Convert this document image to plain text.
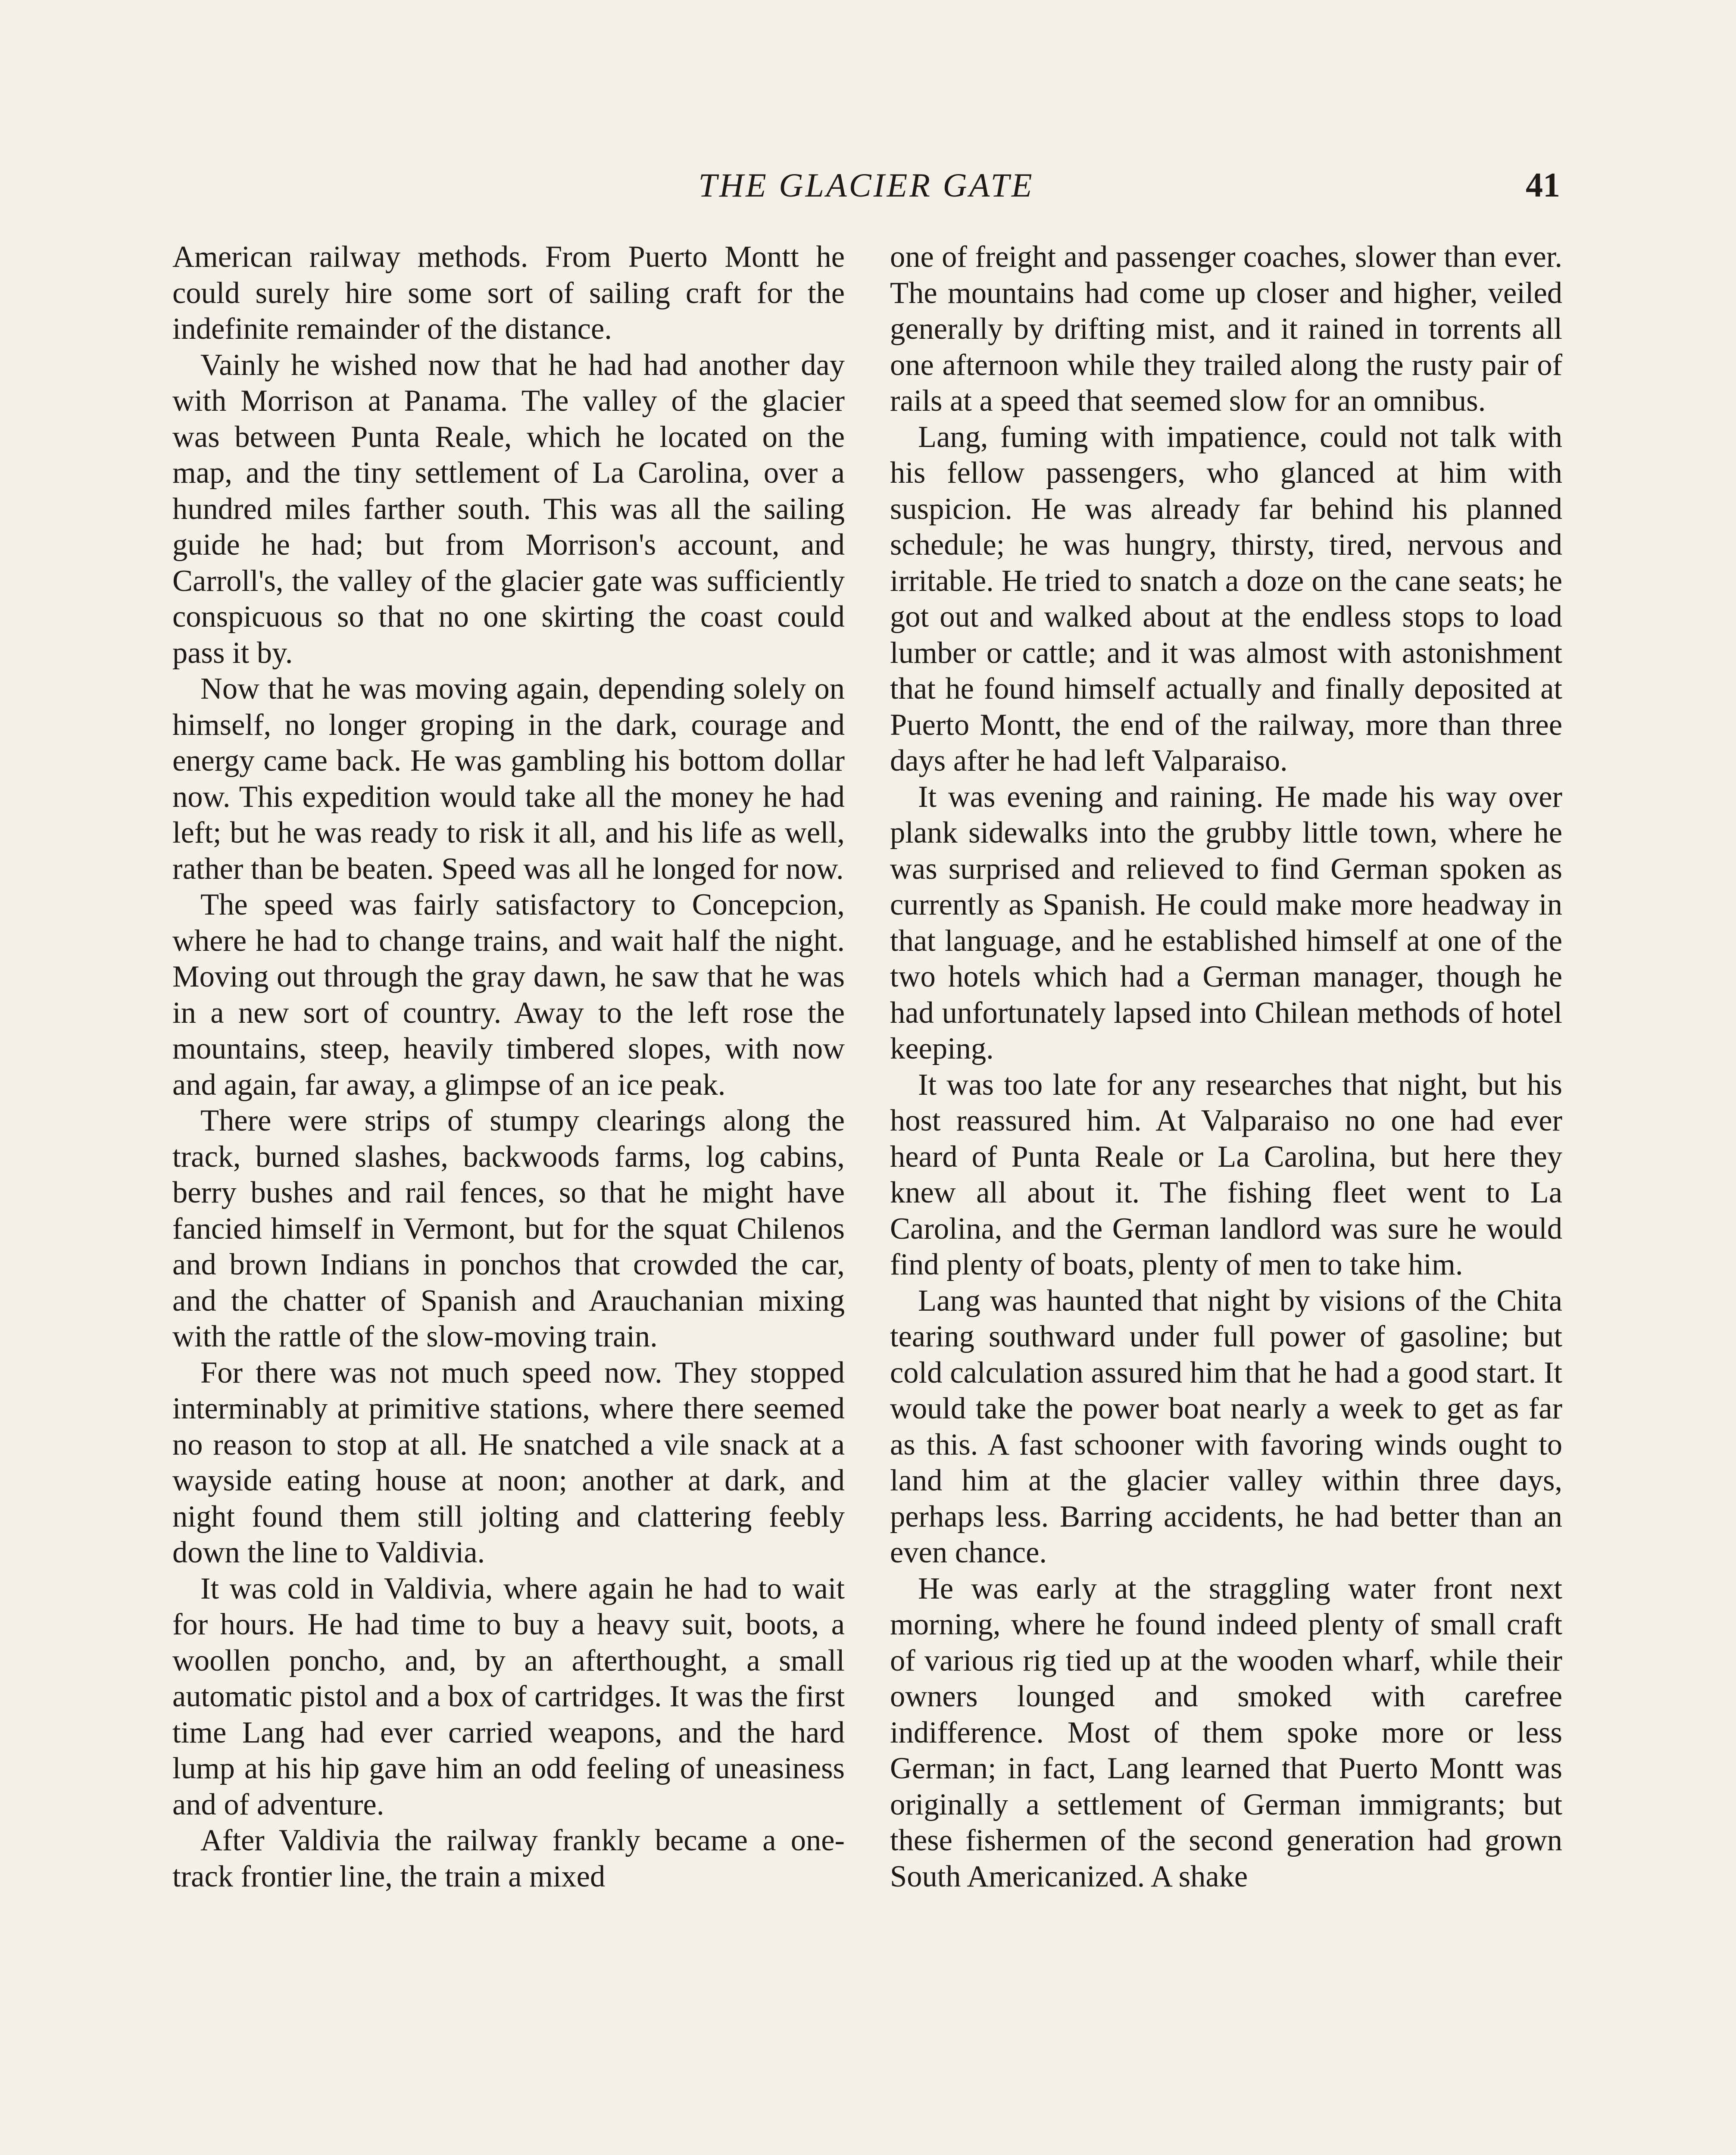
THE GLACIER GATE	41

American railway methods. From Puerto Montt he could surely hire some sort of sailing craft for the indefinite remainder of the distance.

Vainly he wished now that he had had another day with Morrison at Panama. The valley of the glacier was between Punta Reale, which he located on the map, and the tiny settlement of La Carolina, over a hundred miles farther south. This was all the sailing guide he had; but from Morrison's account, and Carroll's, the valley of the glacier gate was sufficiently conspicuous so that no one skirting the coast could pass it by.

Now that he was moving again, depending solely on himself, no longer groping in the dark, courage and energy came back. He was gambling his bottom dollar now. This expedition would take all the money he had left; but he was ready to risk it all, and his life as well, rather than be beaten. Speed was all he longed for now.

The speed was fairly satisfactory to Concepcion, where he had to change trains, and wait half the night. Moving out through the gray dawn, he saw that he was in a new sort of country. Away to the left rose the mountains, steep, heavily timbered slopes, with now and again, far away, a glimpse of an ice peak.

There were strips of stumpy clearings along the track, burned slashes, backwoods farms, log cabins, berry bushes and rail fences, so that he might have fancied himself in Vermont, but for the squat Chilenos and brown Indians in ponchos that crowded the car, and the chatter of Spanish and Arauchanian mixing with the rattle of the slow-moving train.

For there was not much speed now. They stopped interminably at primitive stations, where there seemed no reason to stop at all. He snatched a vile snack at a wayside eating house at noon; another at dark, and night found them still jolting and clattering feebly down the line to Valdivia.

It was cold in Valdivia, where again he had to wait for hours. He had time to buy a heavy suit, boots, a woollen poncho, and, by an afterthought, a small automatic pistol and a box of cartridges. It was the first time Lang had ever carried weapons, and the hard lump at his hip gave him an odd feeling of uneasiness and of adventure.

After Valdivia the railway frankly became a one-track frontier line, the train a mixed

one of freight and passenger coaches, slower than ever. The mountains had come up closer and higher, veiled generally by drifting mist, and it rained in torrents all one afternoon while they trailed along the rusty pair of rails at a speed that seemed slow for an omnibus.

Lang, fuming with impatience, could not talk with his fellow passengers, who glanced at him with suspicion. He was already far behind his planned schedule; he was hungry, thirsty, tired, nervous and irritable. He tried to snatch a doze on the cane seats; he got out and walked about at the endless stops to load lumber or cattle; and it was almost with astonishment that he found himself actually and finally deposited at Puerto Montt, the end of the railway, more than three days after he had left Valparaiso.

It was evening and raining. He made his way over plank sidewalks into the grubby little town, where he was surprised and relieved to find German spoken as currently as Spanish. He could make more headway in that language, and he established himself at one of the two hotels which had a German manager, though he had unfortunately lapsed into Chilean methods of hotel keeping.

It was too late for any researches that night, but his host reassured him. At Valparaiso no one had ever heard of Punta Reale or La Carolina, but here they knew all about it. The fishing fleet went to La Carolina, and the German landlord was sure he would find plenty of boats, plenty of men to take him.

Lang was haunted that night by visions of the Chita tearing southward under full power of gasoline; but cold calculation assured him that he had a good start. It would take the power boat nearly a week to get as far as this. A fast schooner with favoring winds ought to land him at the glacier valley within three days, perhaps less. Barring accidents, he had better than an even chance.

He was early at the straggling water front next morning, where he found indeed plenty of small craft of various rig tied up at the wooden wharf, while their owners lounged and smoked with carefree indifference. Most of them spoke more or less German; in fact, Lang learned that Puerto Montt was originally a settlement of German immigrants; but these fishermen of the second generation had grown South Americanized. A shake
